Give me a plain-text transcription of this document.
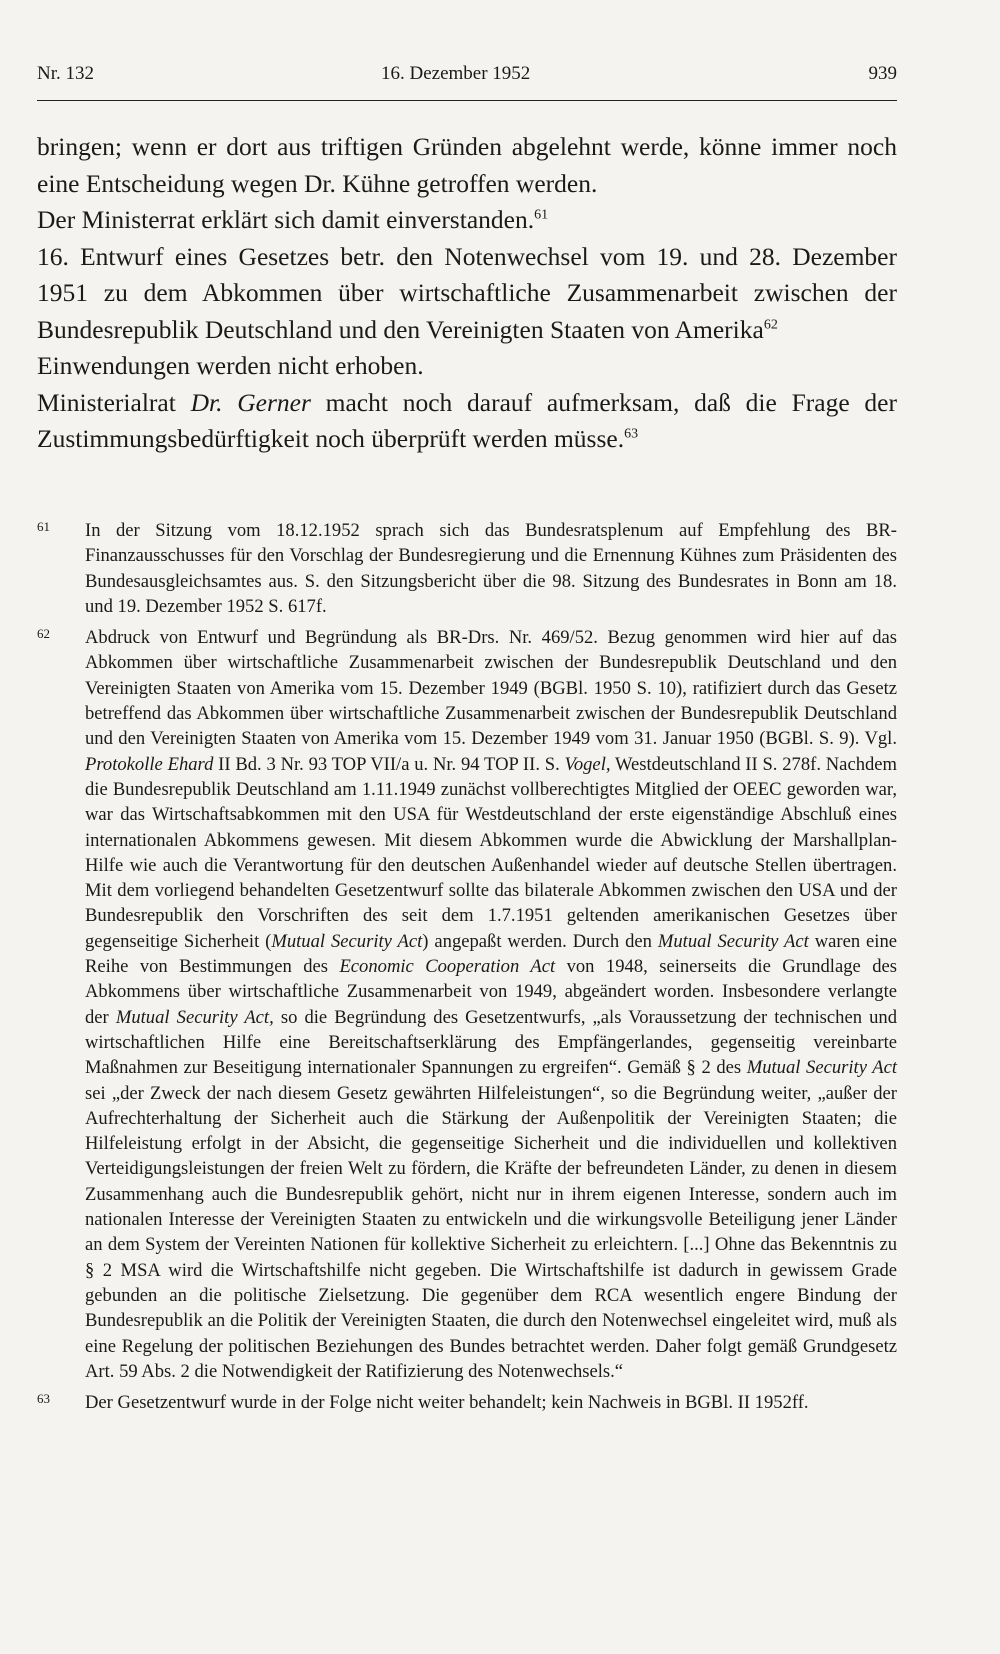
Nr. 132	16. Dezember 1952	939

bringen; wenn er dort aus triftigen Gründen abgelehnt werde, könne immer noch eine Entscheidung wegen Dr. Kühne getroffen werden.

Der Ministerrat erklärt sich damit einverstanden.$^{61}$

16. Entwurf eines Gesetzes betr. den Notenwechsel vom 19. und 28. Dezember 1951 zu dem Abkommen über wirtschaftliche Zusammenarbeit zwischen der Bundesrepublik Deutschland und den Vereinigten Staaten von Amerika$^{62}$

Einwendungen werden nicht erhoben.

Ministerialrat Dr. Gerner macht noch darauf aufmerksam, daß die Frage der Zustimmungsbedürftigkeit noch überprüft werden müsse.$^{63}$

61 In der Sitzung vom 18.12.1952 sprach sich das Bundesratsplenum auf Empfehlung des BR-Finanzausschusses für den Vorschlag der Bundesregierung und die Ernennung Kühnes zum Präsidenten des Bundesausgleichsamtes aus. S. den Sitzungsbericht über die 98. Sitzung des Bundesrates in Bonn am 18. und 19. Dezember 1952 S. 617f.
62 Abdruck von Entwurf und Begründung als BR-Drs. Nr. 469/52. Bezug genommen wird hier auf das Abkommen über wirtschaftliche Zusammenarbeit zwischen der Bundesrepublik Deutschland und den Vereinigten Staaten von Amerika vom 15. Dezember 1949 (BGBl. 1950 S. 10), ratifiziert durch das Gesetz betreffend das Abkommen über wirtschaftliche Zusammenarbeit zwischen der Bundesrepublik Deutschland und den Vereinigten Staaten von Amerika vom 15. Dezember 1949 vom 31. Januar 1950 (BGBl. S. 9). Vgl. Protokolle Ehard II Bd. 3 Nr. 93 TOP VII/a u. Nr. 94 TOP II. S. Vogel, Westdeutschland II S. 278f. Nachdem die Bundesrepublik Deutschland am 1.11.1949 zunächst vollberechtigtes Mitglied der OEEC geworden war, war das Wirtschaftsabkommen mit den USA für Westdeutschland der erste eigenständige Abschluß eines internationalen Abkommens gewesen. Mit diesem Abkommen wurde die Abwicklung der Marshallplan-Hilfe wie auch die Verantwortung für den deutschen Außenhandel wieder auf deutsche Stellen übertragen. Mit dem vorliegend behandelten Gesetzentwurf sollte das bilaterale Abkommen zwischen den USA und der Bundesrepublik den Vorschriften des seit dem 1.7.1951 geltenden amerikanischen Gesetzes über gegenseitige Sicherheit (Mutual Security Act) angepaßt werden. Durch den Mutual Security Act waren eine Reihe von Bestimmungen des Economic Cooperation Act von 1948, seinerseits die Grundlage des Abkommens über wirtschaftliche Zusammenarbeit von 1949, abgeändert worden. Insbesondere verlangte der Mutual Security Act, so die Begründung des Gesetzentwurfs, „als Voraussetzung der technischen und wirtschaftlichen Hilfe eine Bereitschaftserklärung des Empfängerlandes, gegenseitig vereinbarte Maßnahmen zur Beseitigung internationaler Spannungen zu ergreifen“. Gemäß § 2 des Mutual Security Act sei „der Zweck der nach diesem Gesetz gewährten Hilfeleistungen“, so die Begründung weiter, „außer der Aufrechterhaltung der Sicherheit auch die Stärkung der Außenpolitik der Vereinigten Staaten; die Hilfeleistung erfolgt in der Absicht, die gegenseitige Sicherheit und die individuellen und kollektiven Verteidigungsleistungen der freien Welt zu fördern, die Kräfte der befreundeten Länder, zu denen in diesem Zusammenhang auch die Bundesrepublik gehört, nicht nur in ihrem eigenen Interesse, sondern auch im nationalen Interesse der Vereinigten Staaten zu entwickeln und die wirkungsvolle Beteiligung jener Länder an dem System der Vereinten Nationen für kollektive Sicherheit zu erleichtern. [...] Ohne das Bekenntnis zu § 2 MSA wird die Wirtschaftshilfe nicht gegeben. Die Wirtschaftshilfe ist dadurch in gewissem Grade gebunden an die politische Zielsetzung. Die gegenüber dem RCA wesentlich engere Bindung der Bundesrepublik an die Politik der Vereinigten Staaten, die durch den Notenwechsel eingeleitet wird, muß als eine Regelung der politischen Beziehungen des Bundes betrachtet werden. Daher folgt gemäß Grundgesetz Art. 59 Abs. 2 die Notwendigkeit der Ratifizierung des Notenwechsels.“
63 Der Gesetzentwurf wurde in der Folge nicht weiter behandelt; kein Nachweis in BGBl. II 1952ff.
